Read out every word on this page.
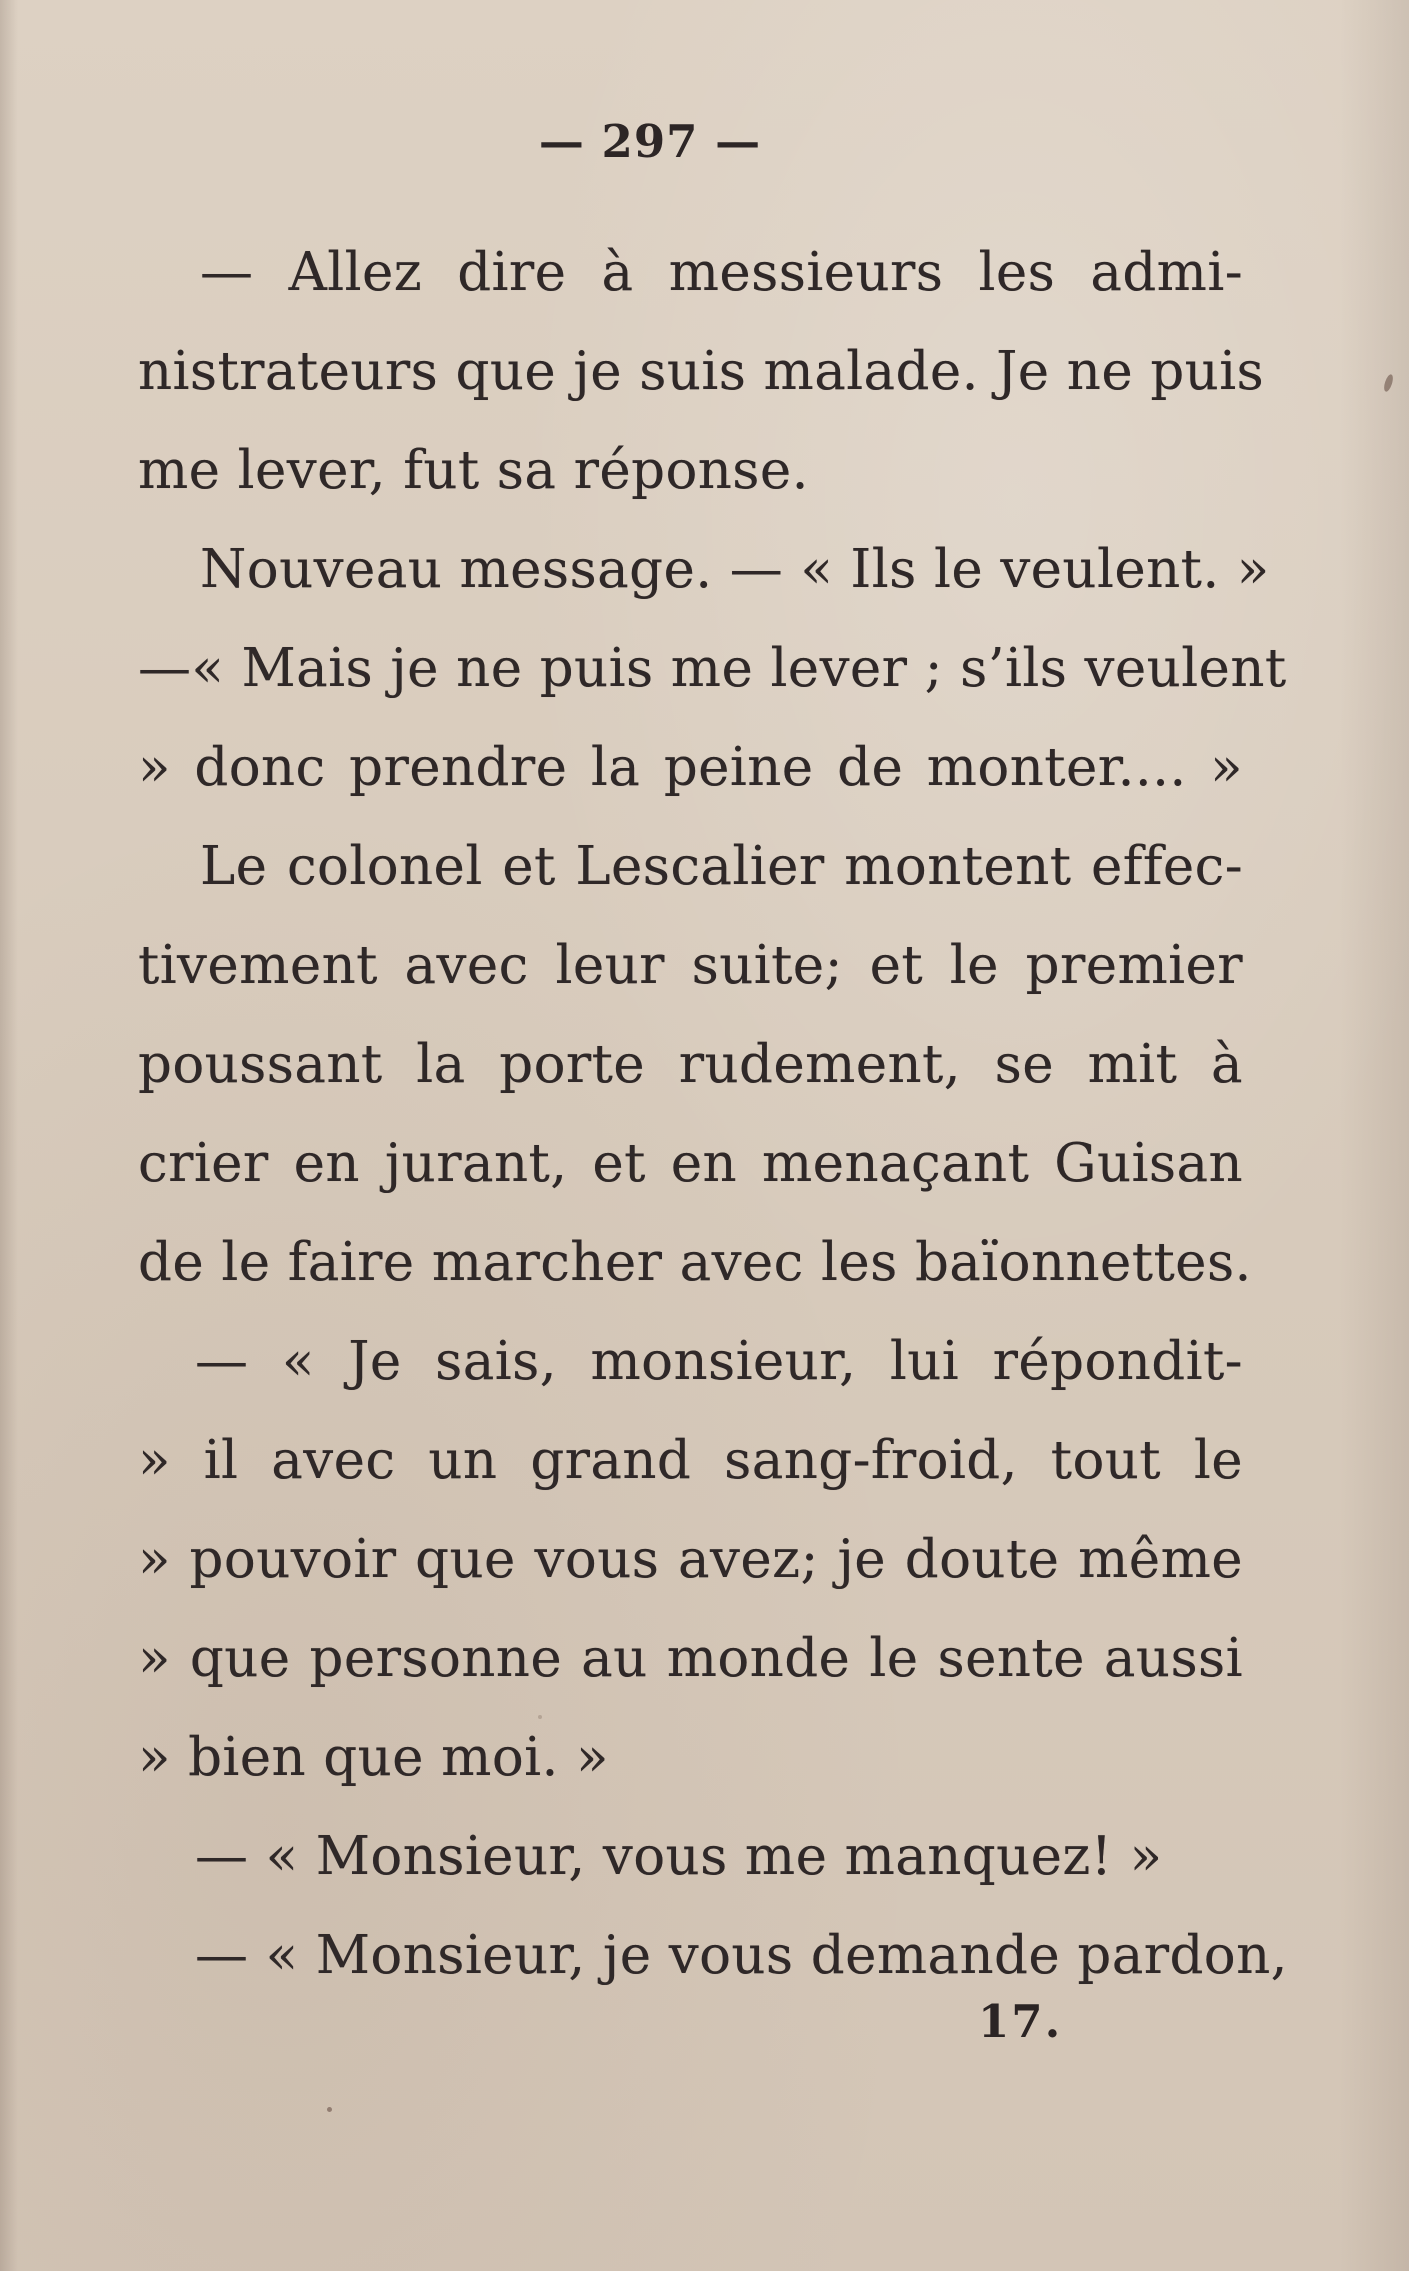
— 297 —
— Allez dire à messieurs les admi-
nistrateurs que je suis malade. Je ne puis
me lever, fut sa réponse.
Nouveau message. — « Ils le veulent. »
—« Mais je ne puis me lever ; s’ils veulent
» donc prendre la peine de monter.... »
Le colonel et Lescalier montent effec-
tivement avec leur suite; et le premier
poussant la porte rudement, se mit à
crier en jurant, et en menaçant Guisan
de le faire marcher avec les baïonnettes.
— « Je sais, monsieur, lui répondit-
» il avec un grand sang-froid, tout le
» pouvoir que vous avez; je doute même
» que personne au monde le sente aussi
» bien que moi. »
— « Monsieur, vous me manquez! »
— « Monsieur, je vous demande pardon,
17.
